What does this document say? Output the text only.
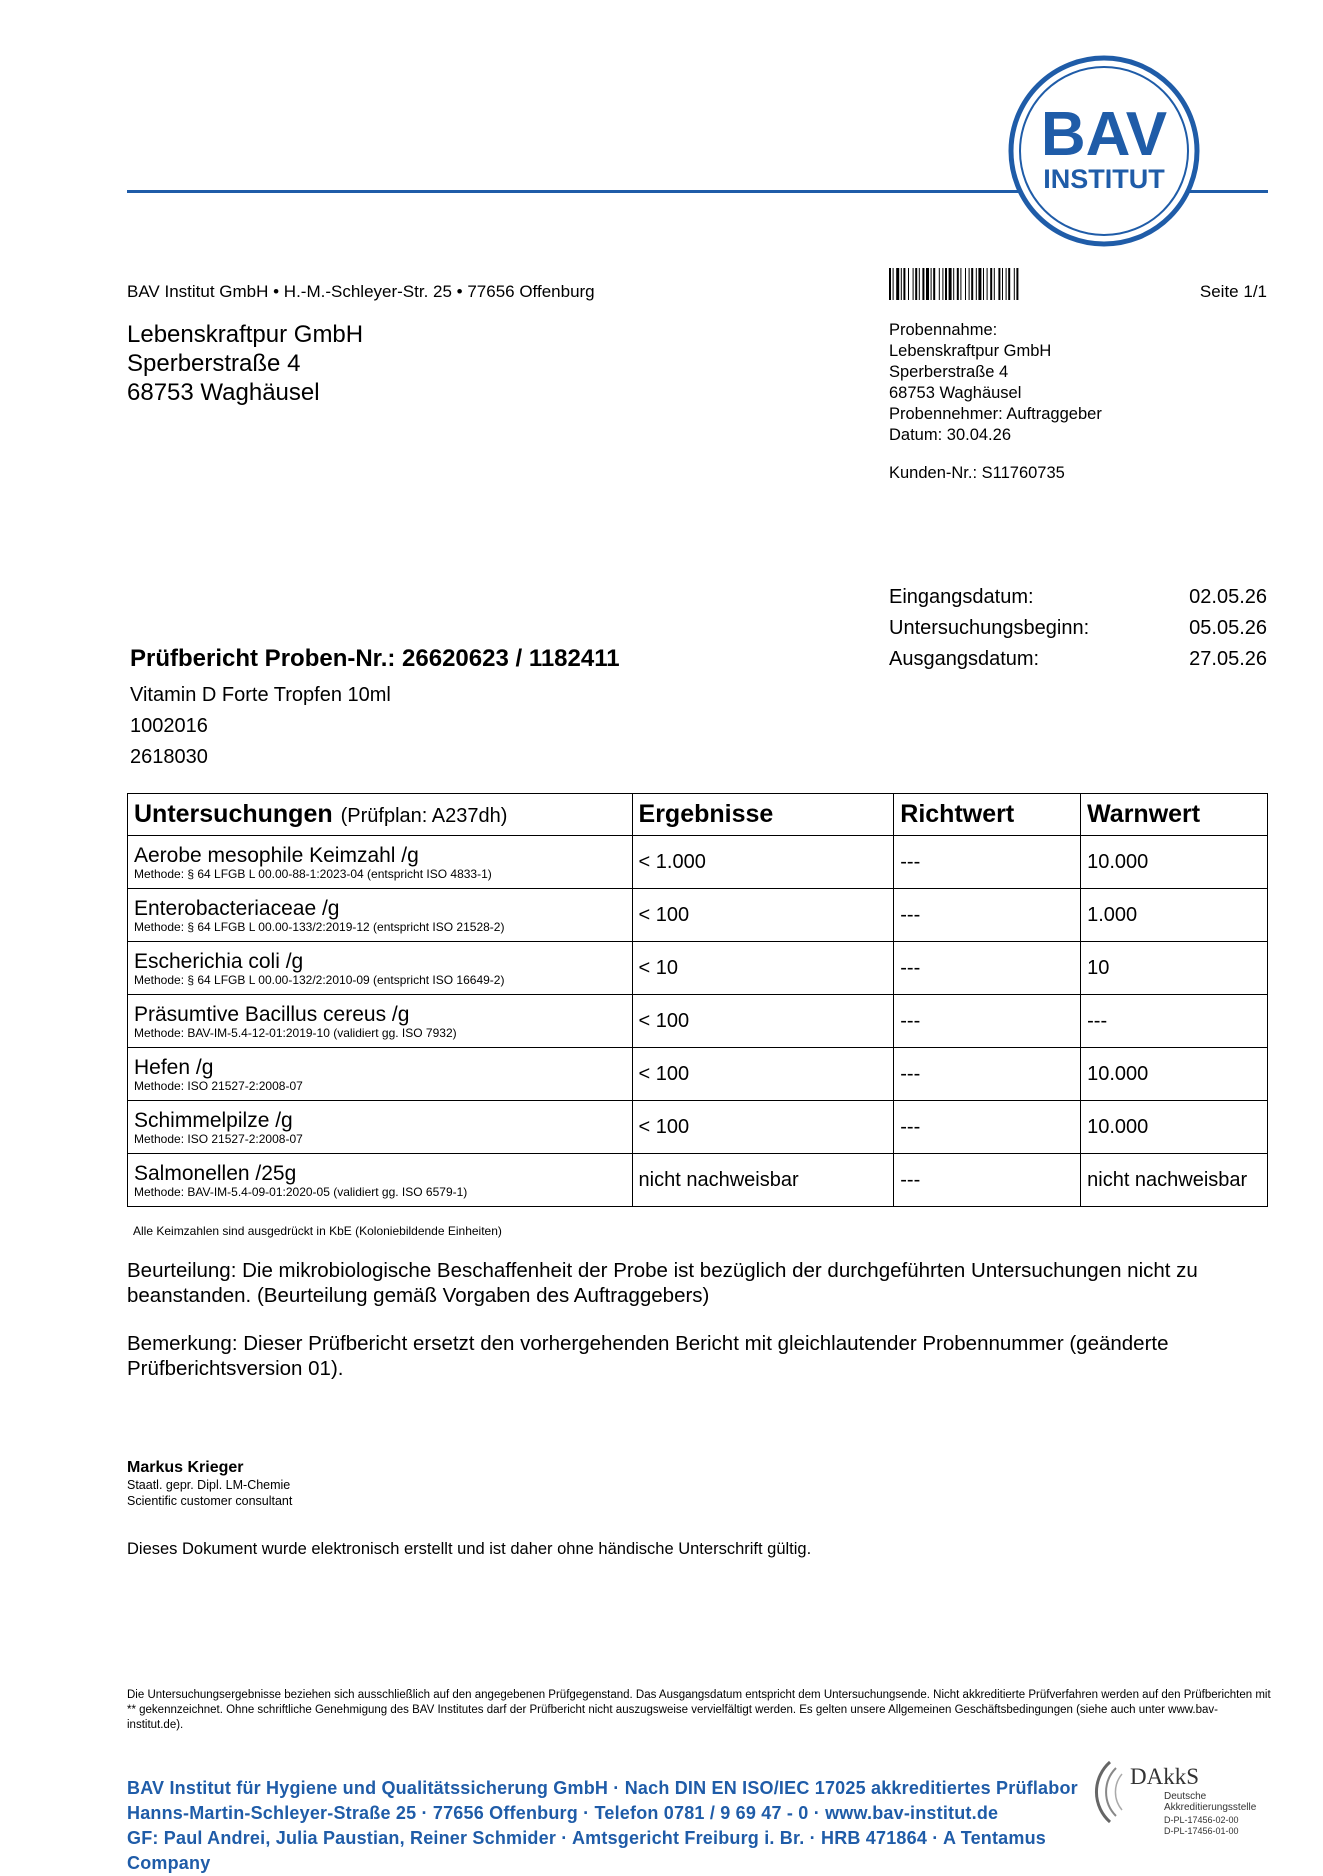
BAV
INSTITUT
BAV Institut GmbH • H.-M.-Schleyer-Str. 25 • 77656 Offenburg	Seite 1/1
Lebenskraftpur GmbH
Sperberstraße 4
68753 Waghäusel
Probennahme:
Lebenskraftpur GmbH
Sperberstraße 4
68753 Waghäusel
Probennehmer: Auftraggeber
Datum: 30.04.26
Kunden-Nr.: S11760735
Eingangsdatum:	02.05.26
Untersuchungsbeginn:	05.05.26
Ausgangsdatum:	27.05.26
Prüfbericht Proben-Nr.: 26620623 / 1182411
Vitamin D Forte Tropfen 10ml
1002016
2618030
Untersuchungen (Prüfplan: A237dh)	Ergebnisse	Richtwert	Warnwert

Aerobe mesophile Keimzahl /g
Methode: § 64 LFGB L 00.00-88-1:2023-04 (entspricht ISO 4833-1)	< 1.000	---	10.000

Enterobacteriaceae /g
Methode: § 64 LFGB L 00.00-133/2:2019-12 (entspricht ISO 21528-2)	< 100	---	1.000

Escherichia coli /g
Methode: § 64 LFGB L 00.00-132/2:2010-09 (entspricht ISO 16649-2)	< 10	---	10

Präsumtive Bacillus cereus /g
Methode: BAV-IM-5.4-12-01:2019-10 (validiert gg. ISO 7932)	< 100	---	---

Hefen /g
Methode: ISO 21527-2:2008-07	< 100	---	10.000

Schimmelpilze /g
Methode: ISO 21527-2:2008-07	< 100	---	10.000

Salmonellen /25g
Methode: BAV-IM-5.4-09-01:2020-05 (validiert gg. ISO 6579-1)	nicht nachweisbar	---	nicht nachweisbar
Alle Keimzahlen sind ausgedrückt in KbE (Koloniebildende Einheiten)
Beurteilung: Die mikrobiologische Beschaffenheit der Probe ist bezüglich der durchgeführten Untersuchungen nicht zu beanstanden. (Beurteilung gemäß Vorgaben des Auftraggebers)
Bemerkung: Dieser Prüfbericht ersetzt den vorhergehenden Bericht mit gleichlautender Probennummer (geänderte Prüfberichtsversion 01).
Markus Krieger
Staatl. gepr. Dipl. LM-Chemie
Scientific customer consultant
Dieses Dokument wurde elektronisch erstellt und ist daher ohne händische Unterschrift gültig.
Die Untersuchungsergebnisse beziehen sich ausschließlich auf den angegebenen Prüfgegenstand. Das Ausgangsdatum entspricht dem Untersuchungsende. Nicht akkreditierte Prüfverfahren werden auf den Prüfberichten mit ** gekennzeichnet. Ohne schriftliche Genehmigung des BAV Institutes darf der Prüfbericht nicht auszugsweise vervielfältigt werden. Es gelten unsere Allgemeinen Geschäftsbedingungen (siehe auch unter www.bav-institut.de).
BAV Institut für Hygiene und Qualitätssicherung GmbH · Nach DIN EN ISO/IEC 17025 akkreditiertes Prüflabor
Hanns-Martin-Schleyer-Straße 25 · 77656 Offenburg · Telefon 0781 / 9 69 47 - 0 · www.bav-institut.de
GF: Paul Andrei, Julia Paustian, Reiner Schmider · Amtsgericht Freiburg i. Br. · HRB 471864 · A Tentamus Company
DAkkS
Deutsche
Akkreditierungsstelle
D-PL-17456-02-00
D-PL-17456-01-00
